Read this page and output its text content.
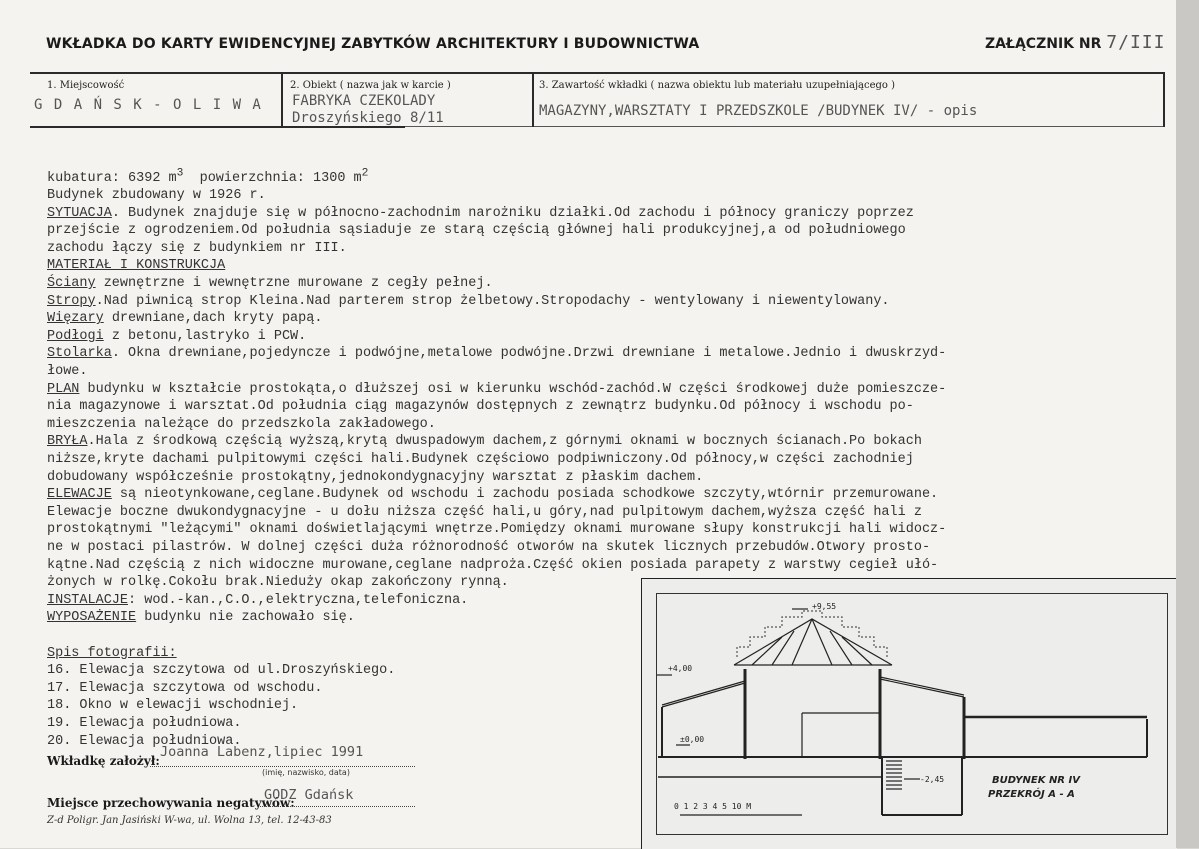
WKŁADKA DO KARTY EWIDENCYJNEJ ZABYTKÓW ARCHITEKTURY I BUDOWNICTWA	ZAŁĄCZNIK NR 7/III
1. Miejscowość
G D A Ń S K - O L I W A
2. Obiekt ( nazwa jak w karcie )
FABRYKA CZEKOLADY
Droszyńskiego 8/11
3. Zawartość wkładki ( nazwa obiektu lub materiału uzupełniającego )
MAGAZYNY,WARSZTATY I PRZEDSZKOLE /BUDYNEK IV/ - opis
kubatura: 6392 $m^3$  powierzchnia: 1300 $m^2$
Budynek zbudowany w 1926 r.
SYTUACJA. Budynek znajduje się w północno-zachodnim narożniku działki.Od zachodu i północy graniczy poprzez
przejście z ogrodzeniem.Od południa sąsiaduje ze starą częścią głównej hali produkcyjnej,a od południowego
zachodu łączy się z budynkiem nr III.
MATERIAŁ I KONSTRUKCJA
Ściany zewnętrzne i wewnętrzne murowane z cegły pełnej.
Stropy.Nad piwnicą strop Kleina.Nad parterem strop żelbetowy.Stropodachy - wentylowany i niewentylowany.
Więzary drewniane,dach kryty papą.
Podłogi z betonu,lastryko i PCW.
Stolarka. Okna drewniane,pojedyncze i podwójne,metalowe podwójne.Drzwi drewniane i metalowe.Jednio i dwuskrzyd-
łowe.
PLAN budynku w kształcie prostokąta,o dłuższej osi w kierunku wschód-zachód.W części środkowej duże pomieszcze-
nia magazynowe i warsztat.Od południa ciąg magazynów dostępnych z zewnątrz budynku.Od północy i wschodu po-
mieszczenia należące do przedszkola zakładowego.
BRYŁA.Hala z środkową częścią wyższą,krytą dwuspadowym dachem,z górnymi oknami w bocznych ścianach.Po bokach
niższe,kryte dachami pulpitowymi części hali.Budynek częściowo podpiwniczony.Od północy,w części zachodniej
dobudowany współcześnie prostokątny,jednokondygnacyjny warsztat z płaskim dachem.
ELEWACJE są nieotynkowane,ceglane.Budynek od wschodu i zachodu posiada schodkowe szczyty,wtórnir przemurowane.
Elewacje boczne dwukondygnacyjne - u dołu niższa część hali,u góry,nad pulpitowym dachem,wyższa część hali z
prostokątnymi "leżącymi" oknami doświetlającymi wnętrze.Pomiędzy oknami murowane słupy konstrukcji hali widocz-
ne w postaci pilastrów. W dolnej części duża różnorodność otworów na skutek licznych przebudów.Otwory prosto-
kątne.Nad częścią z nich widoczne murowane,ceglane nadproża.Część okien posiada parapety z warstwy cegieł ułó-
żonych w rolkę.Cokołu brak.Nieduży okap zakończony rynną.
INSTALACJE: wod.-kan.,C.O.,elektryczna,telefoniczna.
WYPOSAŻENIE budynku nie zachowało się.

Spis fotografii:
16. Elewacja szczytowa od ul.Droszyńskiego.
17. Elewacja szczytowa od wschodu.
18. Okno w elewacji wschodniej.
19. Elewacja południowa.
20. Elewacja południowa.
Wkładkę założył:
Joanna Labenz,lipiec 1991
(imię, nazwisko, data)
Miejsce przechowywania negatywów:
GODZ Gdańsk
Z-d Poligr. Jan Jasiński W-wa, ul. Wolna 13, tel. 12-43-83
+9,55
+4,00
±0,00
-2,45
0 1 2 3 4 5 10 M
BUDYNEK NR IV
PRZEKRÓJ A - A
